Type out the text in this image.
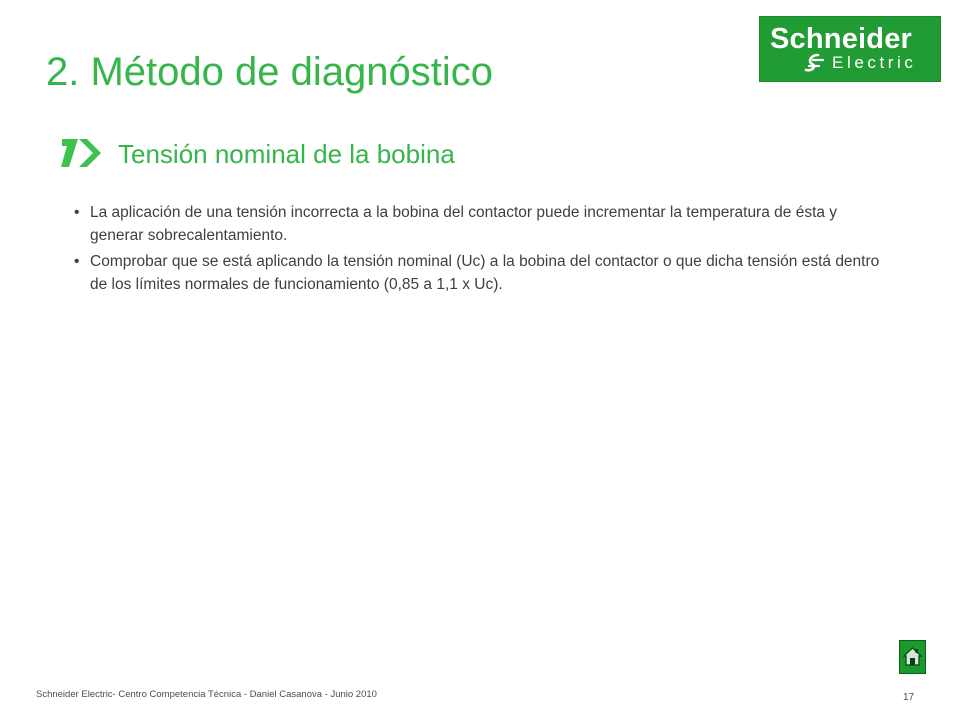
2. Método de diagnóstico
Schneider
Electric
Tensión nominal de la bobina
• La aplicación de una tensión incorrecta a la bobina del contactor puede incrementar la temperatura de ésta y generar sobrecalentamiento.
• Comprobar que se está aplicando la tensión nominal (Uc) a la bobina del contactor o que dicha tensión está dentro de los límites normales de funcionamiento (0,85 a 1,1 x Uc).
Schneider Electric- Centro Competencia Técnica - Daniel Casanova - Junio 2010	17
